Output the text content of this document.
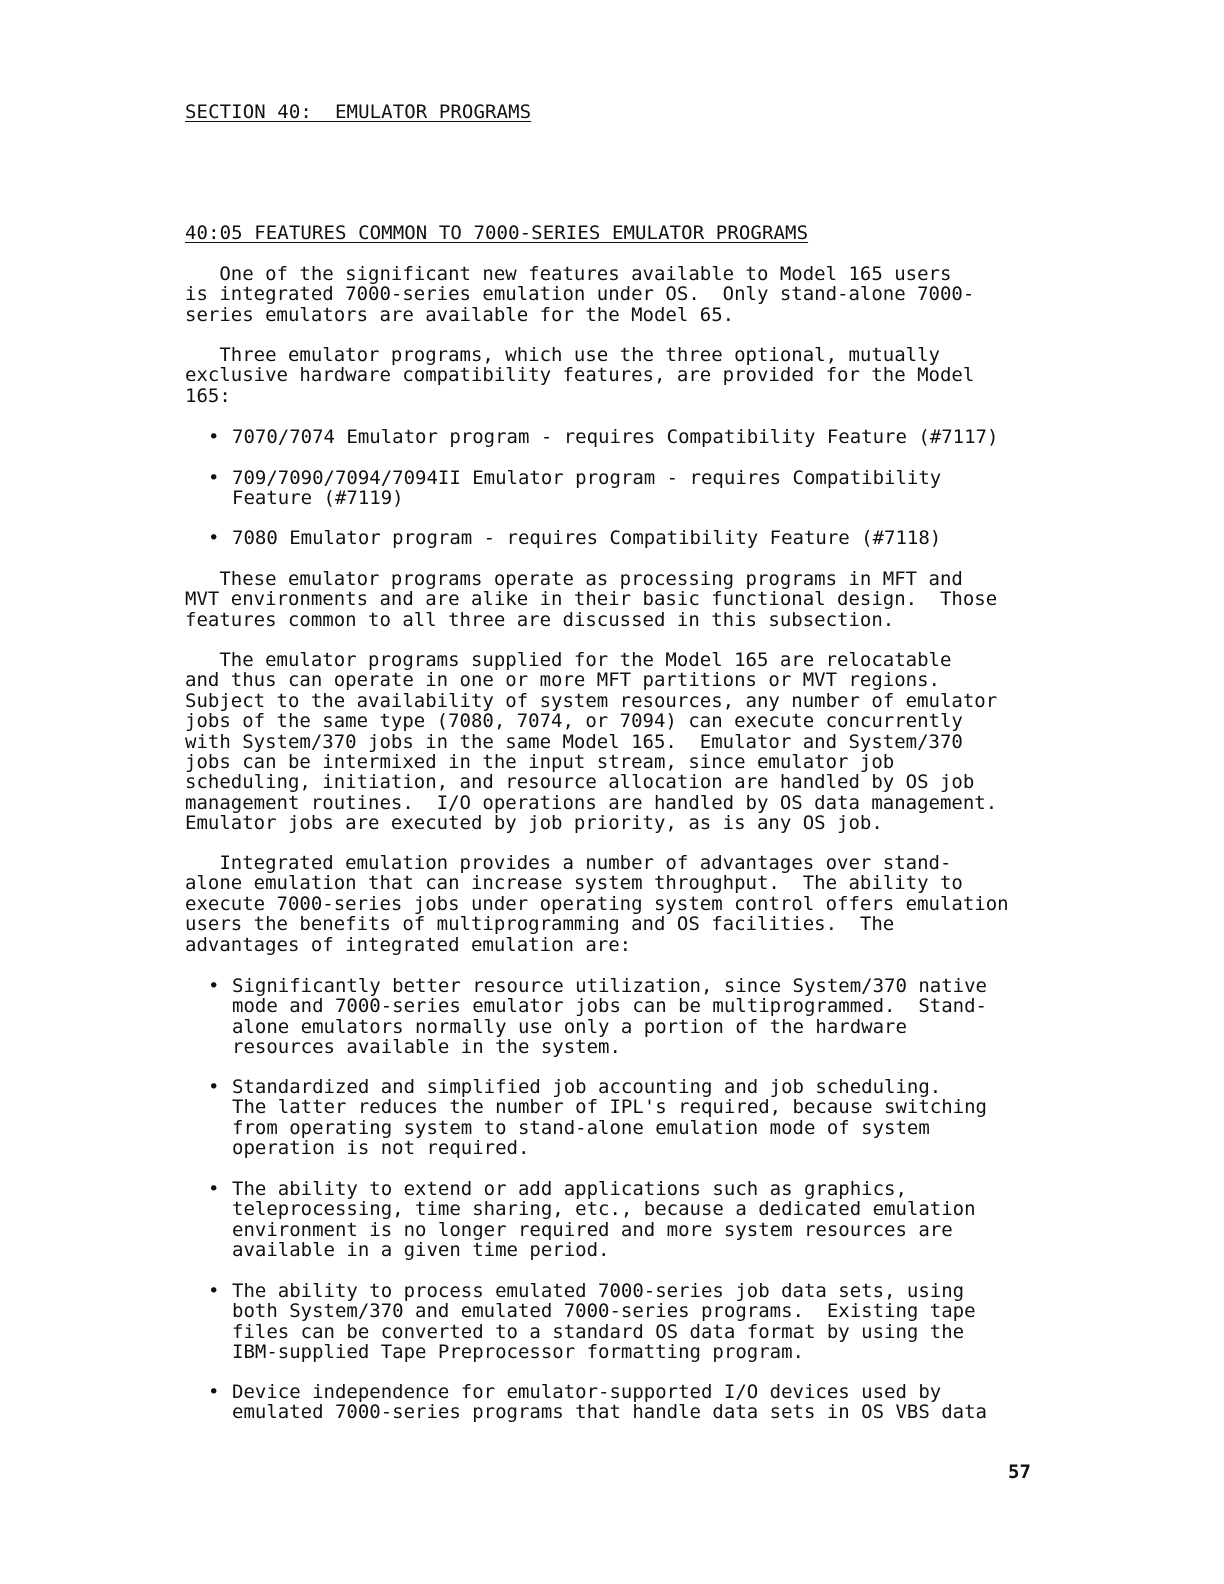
SECTION 40:  EMULATOR PROGRAMS
40:05 FEATURES COMMON TO 7000-SERIES EMULATOR PROGRAMS
One of the significant new features available to Model 165 users
is integrated 7000-series emulation under OS.  Only stand-alone 7000-
series emulators are available for the Model 65.
Three emulator programs, which use the three optional, mutually
exclusive hardware compatibility features, are provided for the Model
165:
• 7070/7074 Emulator program - requires Compatibility Feature (#7117)
• 709/7090/7094/7094II Emulator program - requires Compatibility
Feature (#7119)
• 7080 Emulator program - requires Compatibility Feature (#7118)
These emulator programs operate as processing programs in MFT and
MVT environments and are alike in their basic functional design.  Those
features common to all three are discussed in this subsection.
The emulator programs supplied for the Model 165 are relocatable
and thus can operate in one or more MFT partitions or MVT regions.
Subject to the availability of system resources, any number of emulator
jobs of the same type (7080, 7074, or 7094) can execute concurrently
with System/370 jobs in the same Model 165.  Emulator and System/370
jobs can be intermixed in the input stream, since emulator job
scheduling, initiation, and resource allocation are handled by OS job
management routines.  I/O operations are handled by OS data management.
Emulator jobs are executed by job priority, as is any OS job.
Integrated emulation provides a number of advantages over stand-
alone emulation that can increase system throughput.  The ability to
execute 7000-series jobs under operating system control offers emulation
users the benefits of multiprogramming and OS facilities.  The
advantages of integrated emulation are:
• Significantly better resource utilization, since System/370 native
mode and 7000-series emulator jobs can be multiprogrammed.  Stand-
alone emulators normally use only a portion of the hardware
resources available in the system.
• Standardized and simplified job accounting and job scheduling.
The latter reduces the number of IPL's required, because switching
from operating system to stand-alone emulation mode of system
operation is not required.
• The ability to extend or add applications such as graphics,
teleprocessing, time sharing, etc., because a dedicated emulation
environment is no longer required and more system resources are
available in a given time period.
• The ability to process emulated 7000-series job data sets, using
both System/370 and emulated 7000-series programs.  Existing tape
files can be converted to a standard OS data format by using the
IBM-supplied Tape Preprocessor formatting program.
• Device independence for emulator-supported I/O devices used by
emulated 7000-series programs that handle data sets in OS VBS data
57
